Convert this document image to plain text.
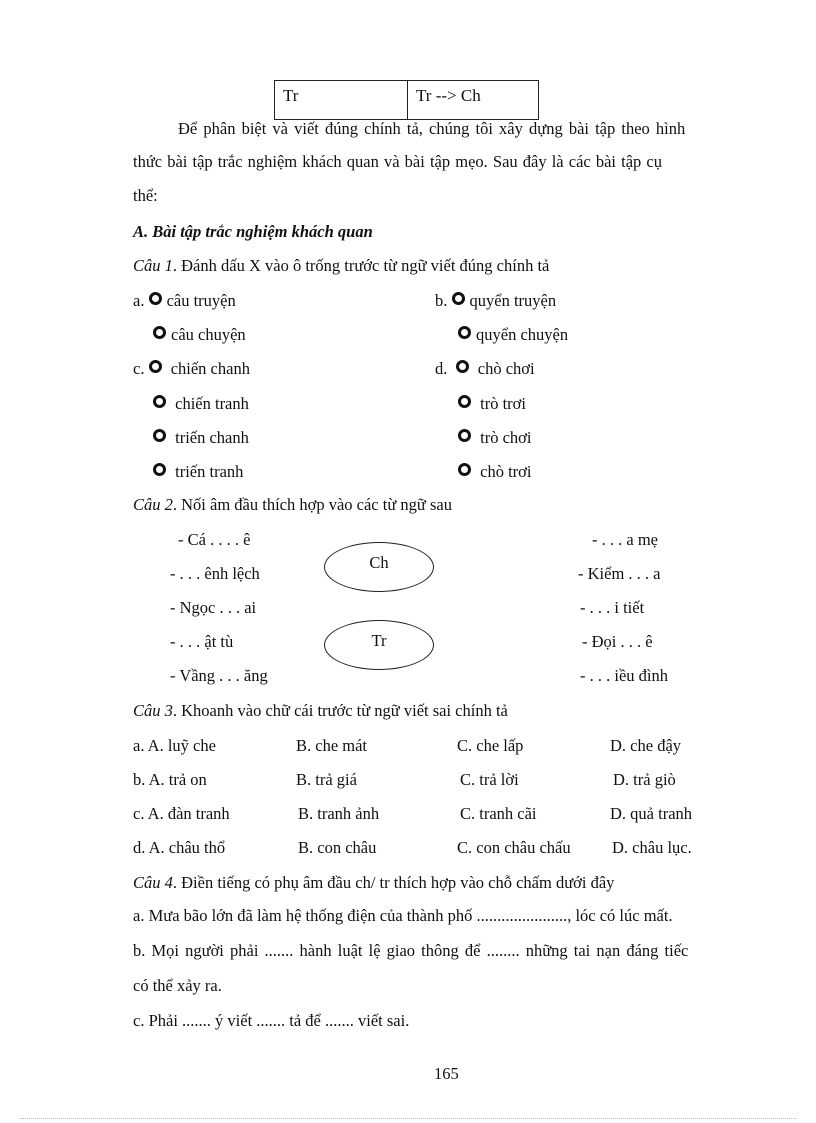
Tr	Tr --> Ch
Để phân biệt và viết đúng chính tả, chúng tôi xây dựng bài tập theo hình
thức bài tập trắc nghiệm khách quan và bài tập mẹo. Sau đây là các bài tập cụ
thể:
A. Bài tập trắc nghiệm khách quan
Câu 1. Đánh dấu X vào ô trống trước từ ngữ viết đúng chính tả
a. câu truyện
câu chuyện
b. quyển truyện
quyển chuyện
c. chiến chanh
chiến tranh
triến chanh
triến tranh
d. chò chơi
trò trơi
trò chơi
chò trơi
Câu 2. Nối âm đầu thích hợp vào các từ ngữ sau
- Cá . . . . ê
- . . . ênh lệch
- Ngọc . . . ai
- . . . ật tù
- Vầng . . . ăng
Ch
Tr
- . . . a mẹ
- Kiểm . . . a
- . . . i tiết
- Đọi . . . ê
- . . . iều đình
Câu 3. Khoanh vào chữ cái trước từ ngữ viết sai chính tả
a. A. luỹ che	B. che mát	C. che lấp	D. che đậy
b. A. trả on	B. trả giá	C. trả lời	D. trả giò
c. A. đàn tranh	B. tranh ảnh	C. tranh cãi	D. quả tranh
d. A. châu thổ	B. con châu	C. con châu chấu	D. châu lục.
Câu 4. Điền tiếng có phụ âm đầu ch/ tr thích hợp vào chỗ chấm dưới đây
a. Mưa bão lớn đã làm hệ thống điện của thành phố ......................, lóc có lúc mất.
b. Mọi người phải ....... hành luật lệ giao thông để ........ những tai nạn đáng tiếc
có thể xảy ra.
c. Phải ....... ý viết ....... tả để ....... viết sai.
165
